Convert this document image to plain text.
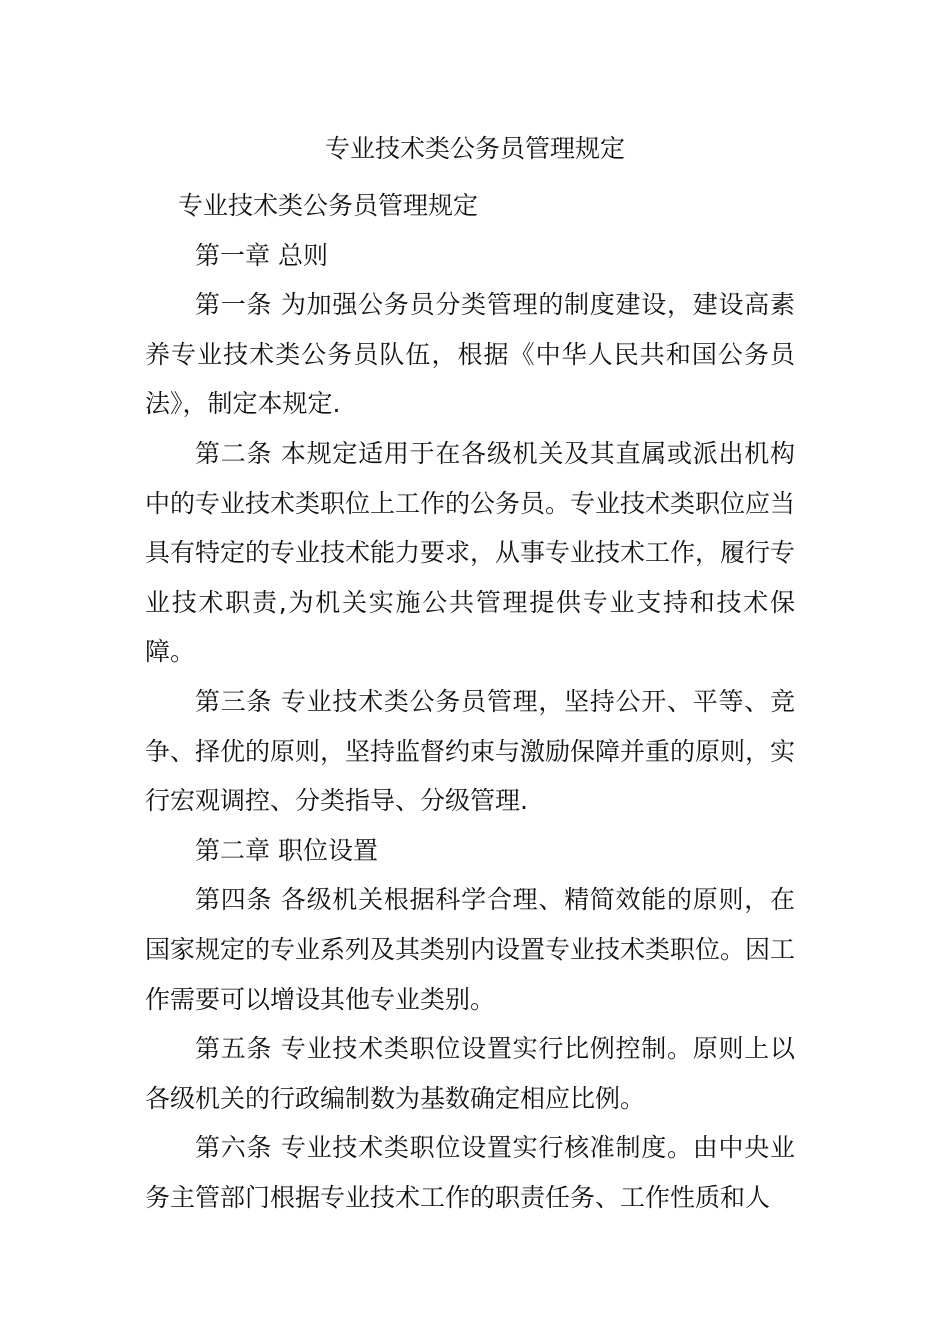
专业技术类公务员管理规定

专业技术类公务员管理规定

第一章 总则

第一条 为加强公务员分类管理的制度建设，建设高素养专业技术类公务员队伍，根据《中华人民共和国公务员法》，制定本规定.

第二条 本规定适用于在各级机关及其直属或派出机构中的专业技术类职位上工作的公务员。专业技术类职位应当具有特定的专业技术能力要求，从事专业技术工作，履行专业技术职责,为机关实施公共管理提供专业支持和技术保障。

第三条 专业技术类公务员管理，坚持公开、平等、竞争、择优的原则，坚持监督约束与激励保障并重的原则，实行宏观调控、分类指导、分级管理.

第二章 职位设置

第四条 各级机关根据科学合理、精简效能的原则，在国家规定的专业系列及其类别内设置专业技术类职位。因工作需要可以增设其他专业类别。

第五条 专业技术类职位设置实行比例控制。原则上以各级机关的行政编制数为基数确定相应比例。

第六条 专业技术类职位设置实行核准制度。由中央业务主管部门根据专业技术工作的职责任务、工作性质和人
